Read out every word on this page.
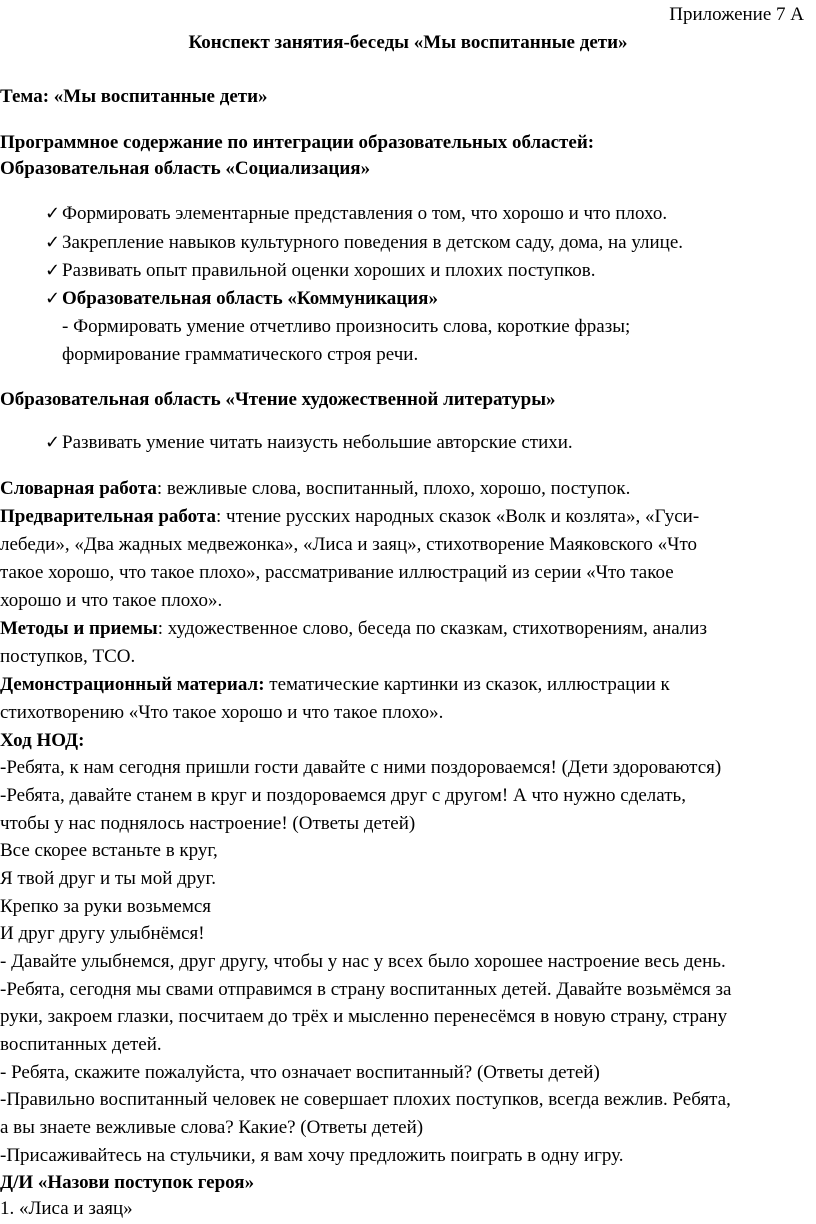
Приложение 7 А
Конспект занятия-беседы «Мы воспитанные дети»
Тема: «Мы воспитанные дети»
Программное содержание по интеграции образовательных областей:
Образовательная область «Социализация»
✓ Формировать элементарные представления о том, что хорошо и что плохо.
✓ Закрепление навыков культурного поведения в детском саду, дома, на улице.
✓ Развивать опыт правильной оценки хороших и плохих поступков.
✓ Образовательная область «Коммуникация»
- Формировать умение отчетливо произносить слова, короткие фразы;
формирование грамматического строя речи.
Образовательная область «Чтение художественной литературы»
✓ Развивать умение читать наизусть небольшие авторские стихи.
Словарная работа: вежливые слова, воспитанный, плохо, хорошо, поступок.
Предварительная работа: чтение русских народных сказок «Волк и козлята», «Гуси-
лебеди», «Два жадных медвежонка», «Лиса и заяц», стихотворение Маяковского «Что
такое хорошо, что такое плохо», рассматривание иллюстраций из серии «Что такое
хорошо и что такое плохо».
Методы и приемы: художественное слово, беседа по сказкам, стихотворениям, анализ
поступков, ТСО.
Демонстрационный материал: тематические картинки из сказок, иллюстрации к
стихотворению «Что такое хорошо и что такое плохо».
Ход НОД:
-Ребята, к нам сегодня пришли гости давайте с ними поздороваемся! (Дети здороваются)
-Ребята, давайте станем в круг и поздороваемся друг с другом! А что нужно сделать,
чтобы у нас поднялось настроение! (Ответы детей)
Все скорее встаньте в круг,
Я твой друг и ты мой друг.
Крепко за руки возьмемся
И друг другу улыбнёмся!
- Давайте улыбнемся, друг другу, чтобы у нас у всех было хорошее настроение весь день.
-Ребята, сегодня мы свами отправимся в страну воспитанных детей. Давайте возьмёмся за
руки, закроем глазки, посчитаем до трёх и мысленно перенесёмся в новую страну, страну
воспитанных детей.
- Ребята, скажите пожалуйста, что означает воспитанный? (Ответы детей)
-Правильно воспитанный человек не совершает плохих поступков, всегда вежлив. Ребята,
а вы знаете вежливые слова? Какие? (Ответы детей)
-Присаживайтесь на стульчики, я вам хочу предложить поиграть в одну игру.
Д/И «Назови поступок героя»
1. «Лиса и заяц»
